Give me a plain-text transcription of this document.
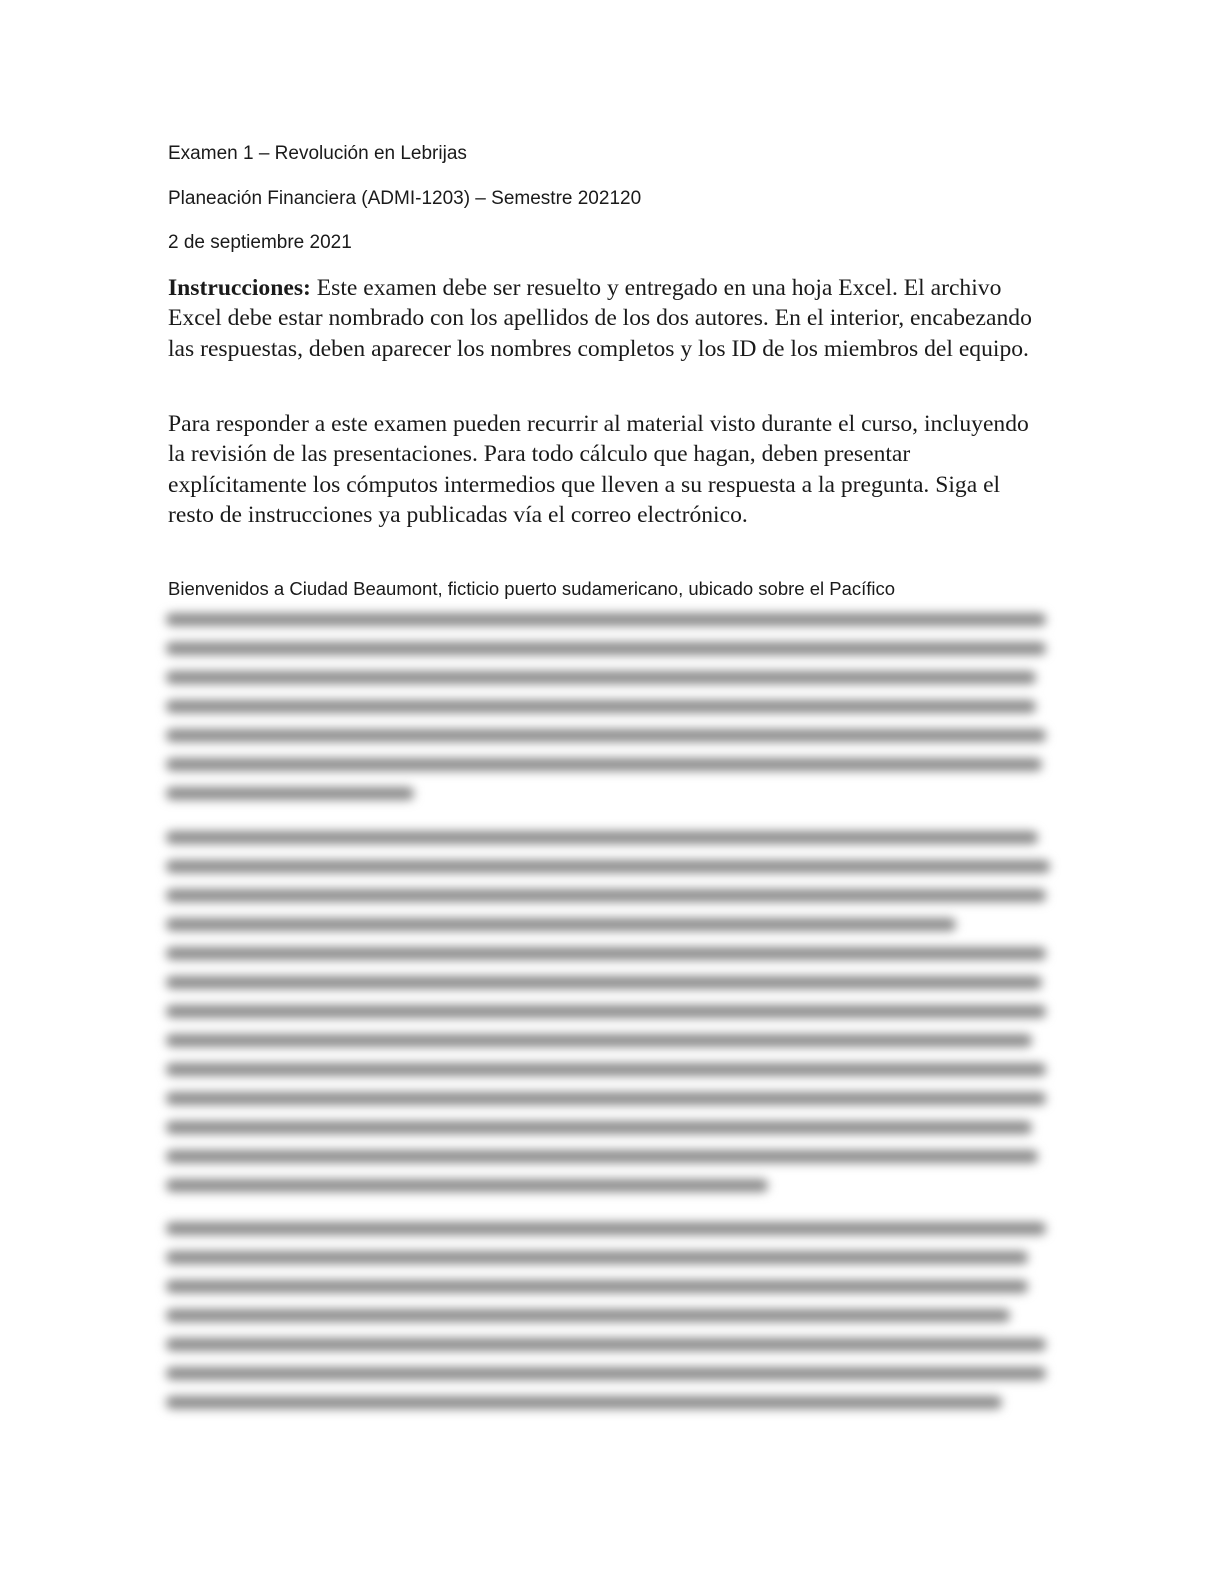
Examen 1 – Revolución en Lebrijas
Planeación Financiera (ADMI-1203) – Semestre 202120
2 de septiembre 2021

Instrucciones: Este examen debe ser resuelto y entregado en una hoja Excel. El archivo Excel debe estar nombrado con los apellidos de los dos autores. En el interior, encabezando las respuestas, deben aparecer los nombres completos y los ID de los miembros del equipo.

Para responder a este examen pueden recurrir al material visto durante el curso, incluyendo la revisión de las presentaciones. Para todo cálculo que hagan, deben presentar explícitamente los cómputos intermedios que lleven a su respuesta a la pregunta. Siga el resto de instrucciones ya publicadas vía el correo electrónico.

Bienvenidos a Ciudad Beaumont, ficticio puerto sudamericano, ubicado sobre el Pacífico
